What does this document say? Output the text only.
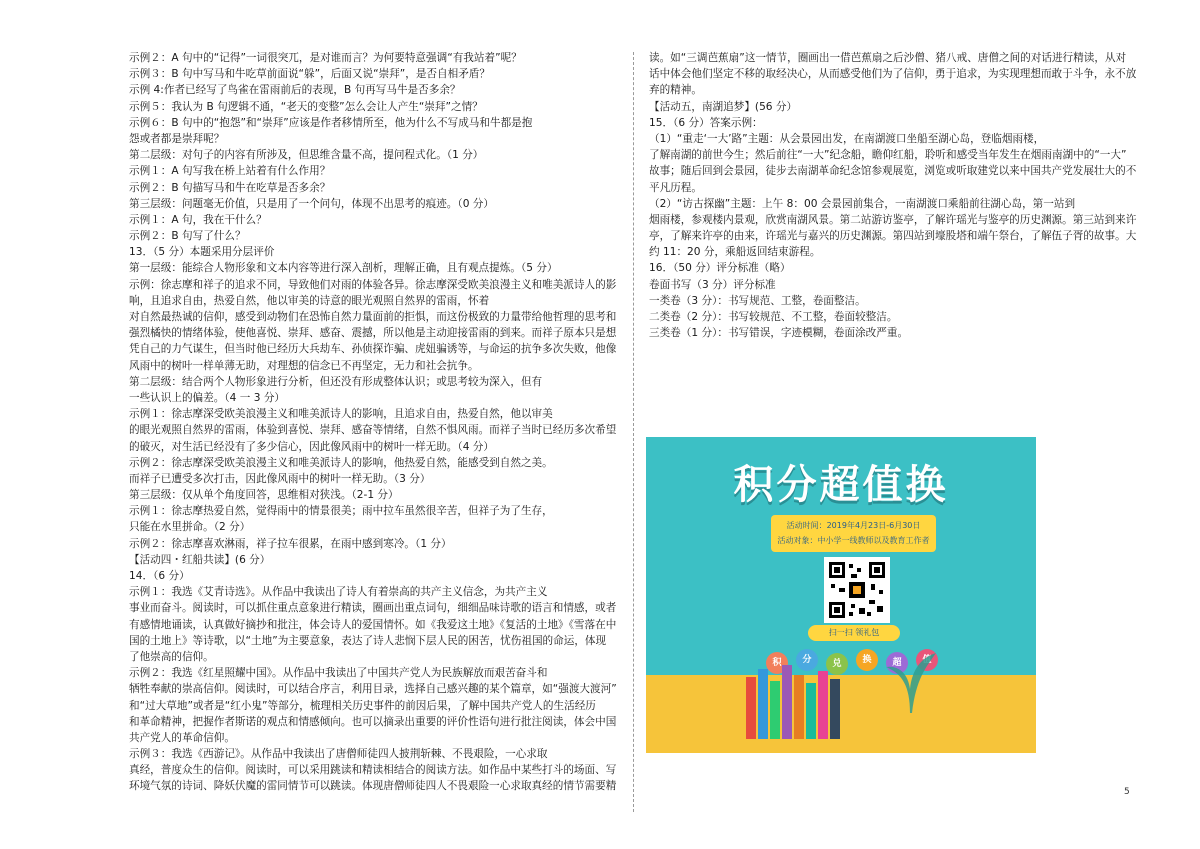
示例２：A 句中的“记得”一词很突兀，是对谁而言？为何要特意强调“有我站着”呢？
示例３：B 句中写马和牛吃草前面说“躲”，后面又说“崇拜”，是否自相矛盾？
示例 4:作者已经写了鸟雀在雷雨前后的表现，B 句再写马牛是否多余？
示例５：我认为 B 句逻辑不通，“老天的变整”怎么会让人产生“崇拜”之情？
示例６：B 句中的“抱怨”和“崇拜”应该是作者移情所至，他为什么不写成马和牛都是抱
怨或者都是崇拜呢？
第二层级：对句子的内容有所涉及，但思维含量不高，提问程式化。（1 分）
示例１：A 句写我在桥上站着有什么作用？
示例２：B 句描写马和牛在吃草是否多余？
第三层级：问题毫无价值，只是用了一个问句，体现不出思考的痕迹。（0 分）
示例１：A 句，我在干什么？
示例２：B 句写了什么？
13．（5 分）本题采用分层评价
第一层级：能综合人物形象和文本内容等进行深入剖析，理解正确，且有观点提炼。（5 分）
示例：徐志摩和祥子的追求不同，导致他们对雨的体验各异。徐志摩深受欧美浪漫主义和唯美派诗人的影
响，且追求自由，热爱自然，他以审美的诗意的眼光观照自然界的雷雨，怀着
对自然最热诚的信仰，感受到动物们在恐怖自然力量面前的拒惧，而这份极致的力量带给他哲理的思考和
强烈橘快的情绪体验，使他喜悦、崇拜、感奋、震撼，所以他是主动迎接雷雨的到来。而祥子原本只是想
凭自己的力气谋生，但当时他已经历大兵劫车、孙侦探诈骗、虎妞骗诱等，与命运的抗争多次失败，他像
风雨中的树叶一样单薄无助，对理想的信念已不再坚定，无力和社会抗争。
第二层级：结合两个人物形象进行分析，但还没有形成整体认识；或思考较为深入，但有
一些认识上的偏差。（4 一 3 分）
示例１：徐志摩深受欧美浪漫主义和唯美派诗人的影响，且追求自由，热爱自然，他以审美
的眼光观照自然界的雷雨，体验到喜悦、崇拜、感奋等情绪，自然不惧风雨。而祥子当时已经历多次希望
的破灭，对生活已经没有了多少信心，因此像风雨中的树叶一样无助。（4 分）
示例２：徐志摩深受欧美浪漫主义和唯美派诗人的影响，他热爱自然，能感受到自然之美。
而祥子已遭受多次打击，因此像风雨中的树叶一样无助。（3 分）
第三层级：仅从单个角度回答，思维相对狭浅。（2-1 分）
示例１：徐志摩热爱自然，觉得雨中的情景很美；雨中拉车虽然很辛苦，但祥子为了生存，
只能在水里拼命。（2 分）
示例２：徐志摩喜欢淋雨，祥子拉车很累，在雨中感到寒冷。（1 分）
【活动四・红船共读】(6 分）
14．（6 分）
示例１：我选《艾青诗选》。从作品中我读出了诗人有着崇高的共产主义信念，为共产主义
事业而奋斗。阅读时，可以抓住重点意象进行精读，圈画出重点词句，细细品味诗歌的语言和情感，或者
有感情地诵读，认真做好摘抄和批注，体会诗人的爱国情怀。如《我爱这土地》《复活的土地》《雪落在中
国的土地上》等诗歌，以“土地”为主要意象，表达了诗人悲悯下层人民的困苦，忧伤祖国的命运，体现
了他崇高的信仰。
示例２：我选《红星照耀中国》。从作品中我读出了中国共产党人为民族解放而艰苦奋斗和
牺牲奉献的崇高信仰。阅读时，可以结合序言，利用目录，选择自己感兴趣的某个篇章，如“强渡大渡河”
和“过大草地”或者是“红小鬼”等部分，梳理相关历史事件的前因后果，了解中国共产党人的生活经历
和革命精神，把握作者斯诺的观点和情感倾向。也可以摘录出重要的评价性语句进行批注阅读，体会中国
共产党人的革命信仰。
示例３：我选《西游记》。从作品中我读出了唐僧师徒四人披荆斩棘、不畏艰险，一心求取
真经，普度众生的信仰。阅读时，可以采用跳读和精读相结合的阅读方法。如作品中某些打斗的场面、写
环境气氛的诗词、降妖伏魔的雷同情节可以跳读。体现唐僧师徒四人不畏艰险一心求取真经的情节需要精
读。如“三调芭蕉扇”这一情节，圈画出一借芭蕉扇之后沙僧、猪八戒、唐僧之间的对话进行精读，从对
话中体会他们坚定不移的取经决心，从而感受他们为了信仰，勇于追求，为实现理想而敢于斗争，永不放
弃的精神。
【活动五，南湖追梦】(56 分）
15．（6 分）答案示例：
（1）“重走‘一大’路”主题：从会景园出发，在南湖渡口坐船至湖心岛，登临烟雨楼，
了解南湖的前世今生；然后前往“一大”纪念船，瞻仰红船，聆听和感受当年发生在烟雨南湖中的“一大”
故事；随后回到会景园，徒步去南湖革命纪念馆参观展览，浏览或听取建党以来中国共产党发展壮大的不
平凡历程。
（2）“访古探幽”主题：上午 8：00 会景园前集合，一南湖渡口乘船前往湖心岛，第一站到
烟雨楼，参观楼内景观，欣赏南湖风景。第二站游访鉴亭，了解许瑶光与鉴亭的历史渊源。第三站到来许
亭，了解来许亭的由来，许瑶光与嘉兴的历史渊源。第四站到壕股塔和端午祭台，了解伍子胥的故事。大
约 11：20 分，乘船返回结束游程。
16．（50 分）评分标准（略）
卷面书写（3 分）评分标准
一类卷（3 分）：书写规范、工整，卷面整洁。
二类卷（2 分）：书写较规范、不工整，卷面较整洁。
三类卷（1 分）：书写错误，字迹模糊，卷面涂改严重。
积分超值换
活动时间：2019年4月23日-6月30日
活动对象：中小学一线教师以及教育工作者
扫一扫 领礼包
积	分	兑	换	超
5
